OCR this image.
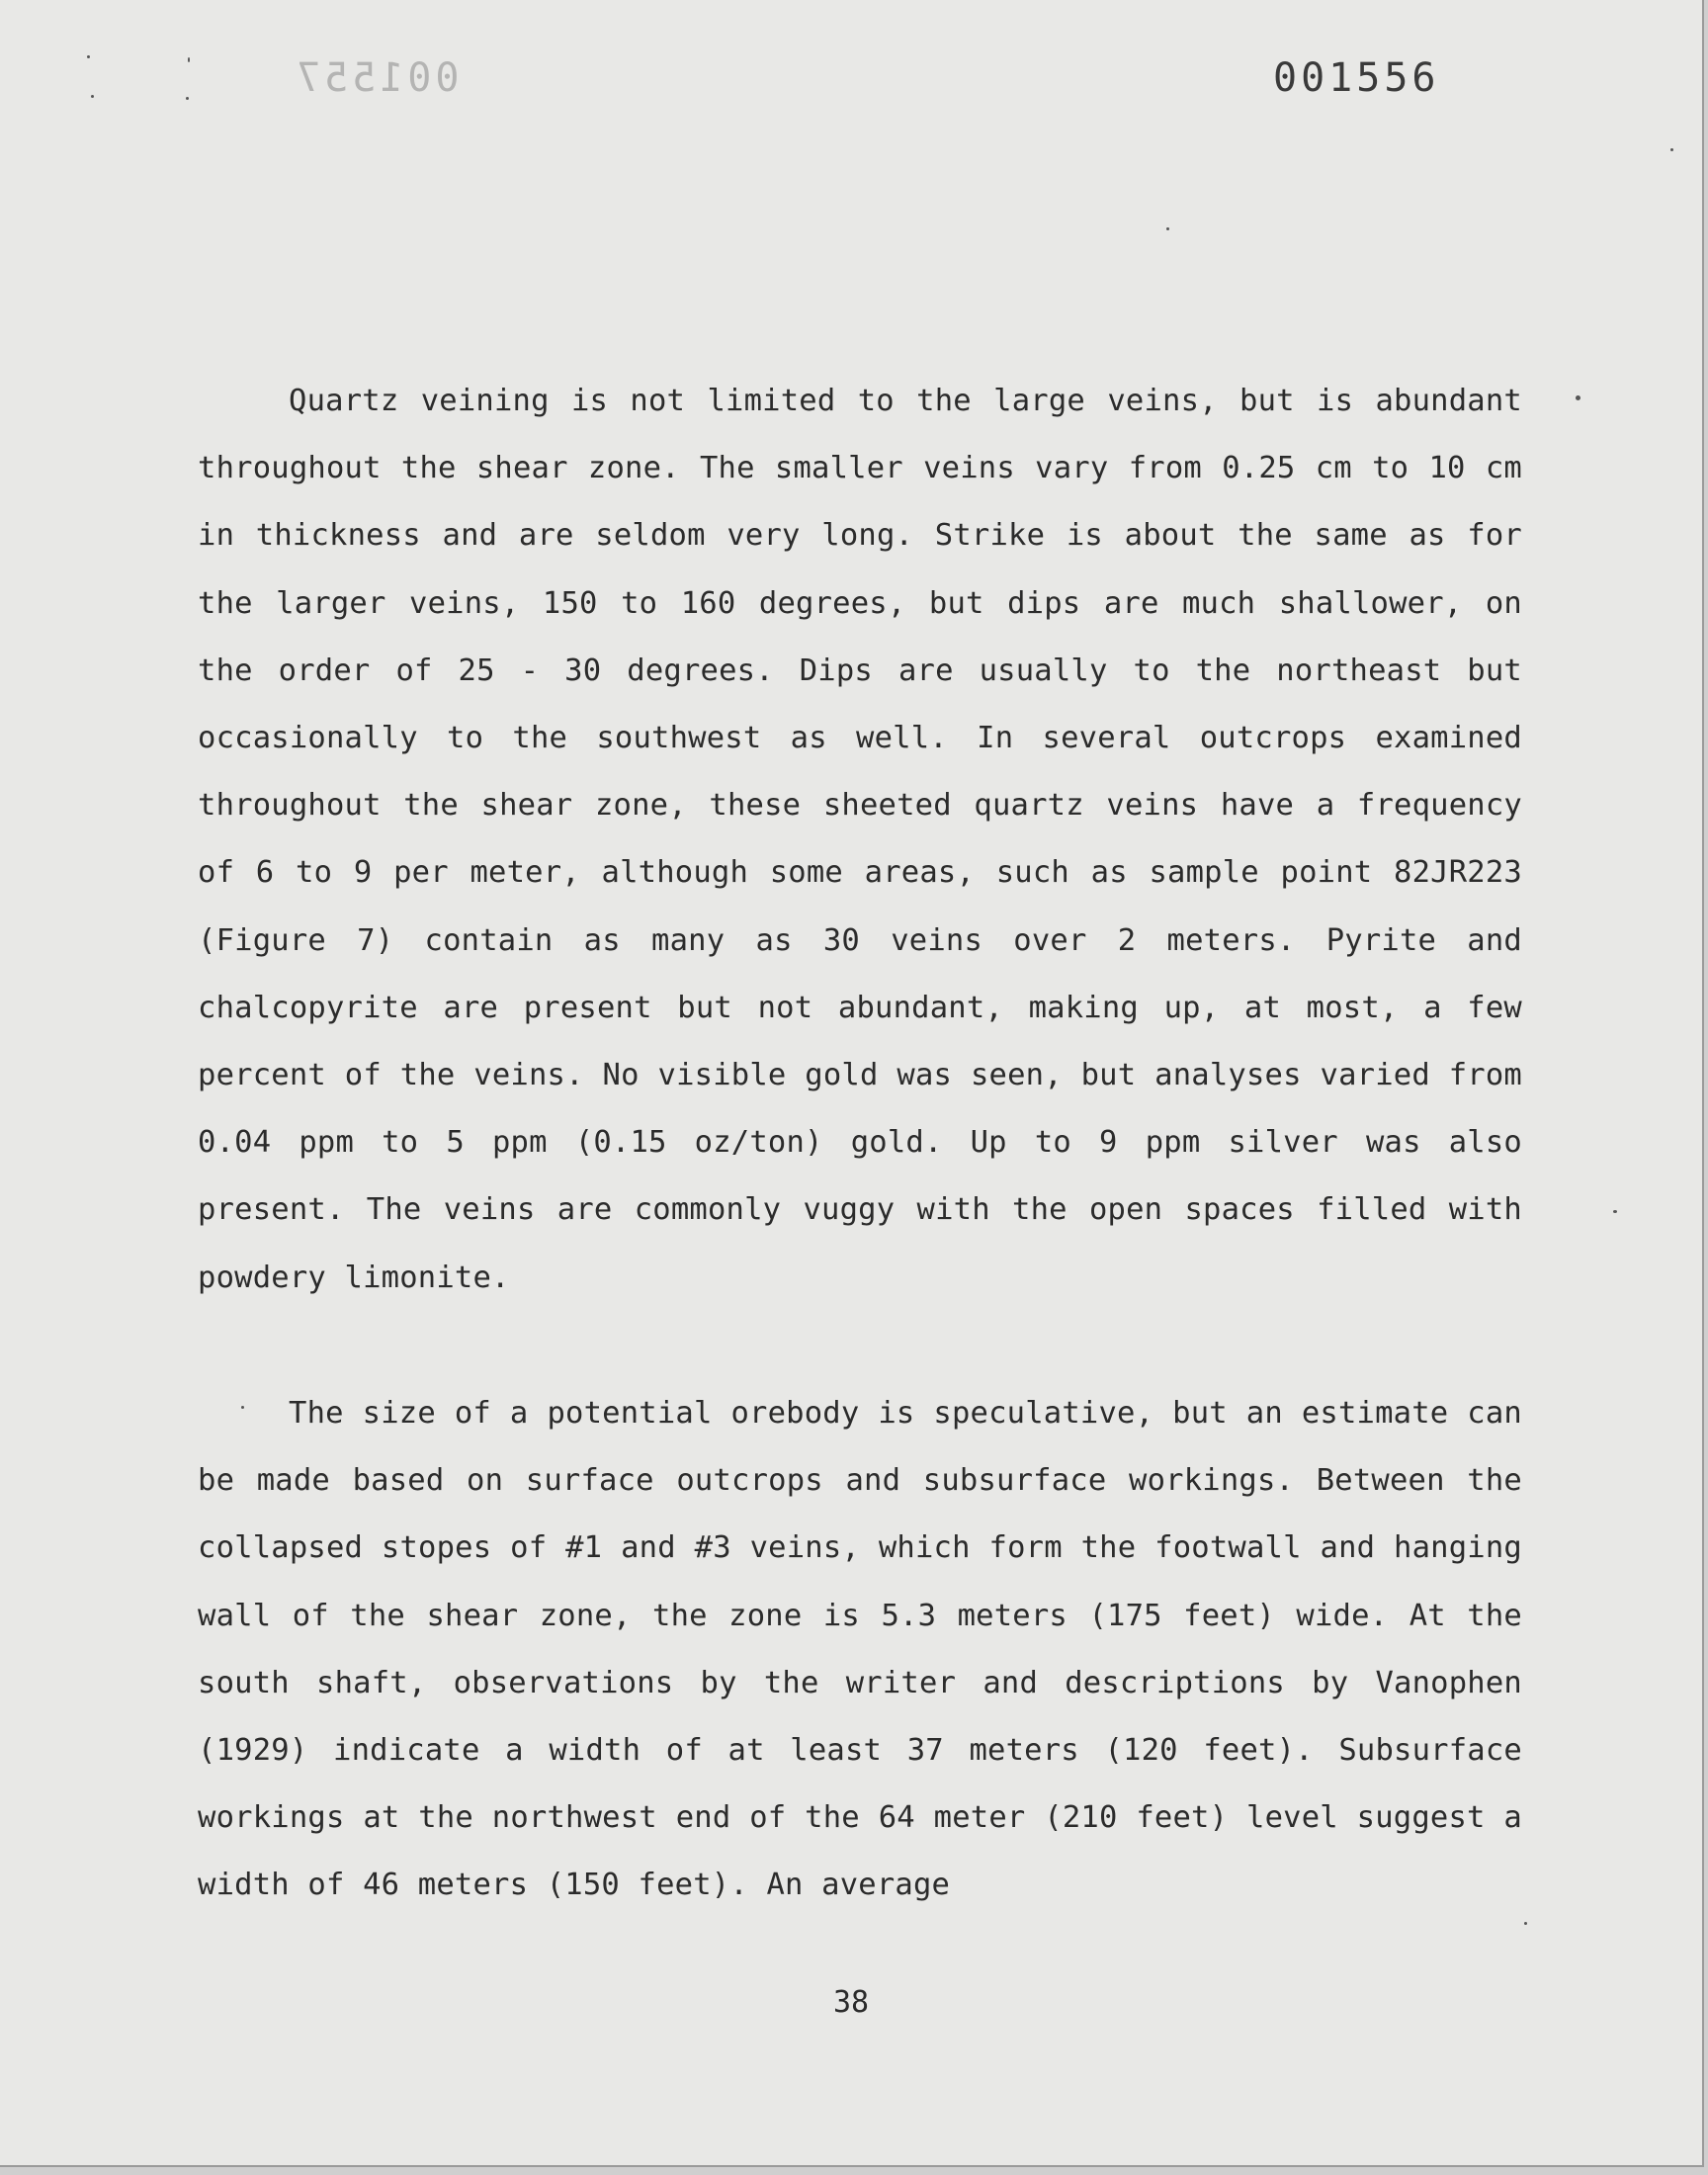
001557	001556

Quartz veining is not limited to the large veins, but is abundant throughout the shear zone. The smaller veins vary from 0.25 cm to 10 cm in thickness and are seldom very long. Strike is about the same as for the larger veins, 150 to 160 degrees, but dips are much shallower, on the order of 25 - 30 degrees. Dips are usually to the northeast but occasionally to the southwest as well. In several outcrops examined throughout the shear zone, these sheeted quartz veins have a frequency of 6 to 9 per meter, although some areas, such as sample point 82JR223 (Figure 7) contain as many as 30 veins over 2 meters. Pyrite and chalcopyrite are present but not abundant, making up, at most, a few percent of the veins. No visible gold was seen, but analyses varied from 0.04 ppm to 5 ppm (0.15 oz/ton) gold. Up to 9 ppm silver was also present. The veins are commonly vuggy with the open spaces filled with powdery limonite.

The size of a potential orebody is speculative, but an estimate can be made based on surface outcrops and subsurface workings. Between the collapsed stopes of #1 and #3 veins, which form the footwall and hanging wall of the shear zone, the zone is 5.3 meters (175 feet) wide. At the south shaft, observations by the writer and descriptions by Vanophen (1929) indicate a width of at least 37 meters (120 feet). Subsurface workings at the northwest end of the 64 meter (210 feet) level suggest a width of 46 meters (150 feet). An average

38
